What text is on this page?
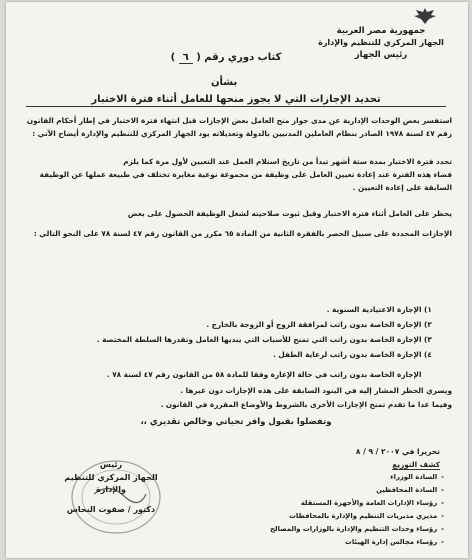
جمهورية مصر العربية
الجهاز المركزي للتنظيم والإدارة
رئيس الجهاز
كتاب دوري رقم ( ٦ )
بشأن
تحديد الإجازات التي لا يجوز منحها للعامل أثناء فترة الاختبار
استفسر بعض الوحدات الإدارية عن مدى جواز منح العامل بعض الإجازات قبل انتهاء فترة الاختبار في إطار أحكام القانون رقم ٤٧ لسنة ١٩٧٨ الصادر بنظام العاملين المدنيين بالدولة وتعديلاته يود الجهاز المركزي للتنظيم والإدارة أيضاح الآتي :
تحدد فترة الاختبار بمدة ستة أشهر تبدأ من تاريخ استلام العمل عند التعيين لأول مرة كما يلزم
قضاء هذه الفترة عند إعادة تعيين العامل على وظيفة من مجموعة نوعية مغايرة تختلف في طبيعة عملها عن الوظيفة السابقة على إعادة التعيين .
يحظر على العامل أثناء فترة الاختبار وقبل ثبوت صلاحيته لشغل الوظيفة الحصول على بعض
الإجازات المحددة على سبيل الحصر بالفقرة الثانية من المادة ٦٥ مكرر من القانون رقم ٤٧ لسنة ٧٨ على النحو التالي :
١) الإجازة الاعتيادية السنوية .
٢) الإجازة الخاصة بدون راتب لمرافقة الزوج أو الزوجة بالخارج .
٣) الإجازة الخاصة بدون راتب التي تمنح للأسباب التي يبديها العامل وتقدرها السلطة المختصة .
٤) الإجازة الخاصة بدون راتب لرعاية الطفل .
الإجازة الخاصة بدون راتب في حالة الإعارة وفقا للمادة ٥٨ من القانون رقم ٤٧ لسنة ٧٨ .
ويسري الحظر المشار إليه في البنود السابقة على هذه الإجازات دون غيرها .
وفيما عدا ما تقدم تمنح الإجازات الأخرى بالشروط والأوضاع المقررة في القانون .
وتفضلوا بقبول وافر تحياتي وخالص تقديري ،،
رئيس
الجهاز المركزي للتنظيم
والإدارة
دكتور / صفوت النحاس
تحريرا في ٢٠٠٧ / ٩ / ٨
كشف التوزيع
-السادة الوزراء
-السادة المحافظين
-رؤساء الإدارات العامة والأجهزة المستقلة
-مديري مديريات التنظيم والإدارة بالمحافظات
-رؤساء وحدات التنظيم والإدارة بالوزارات والمصالح
-رؤساء مجالس إدارة الهيئات
